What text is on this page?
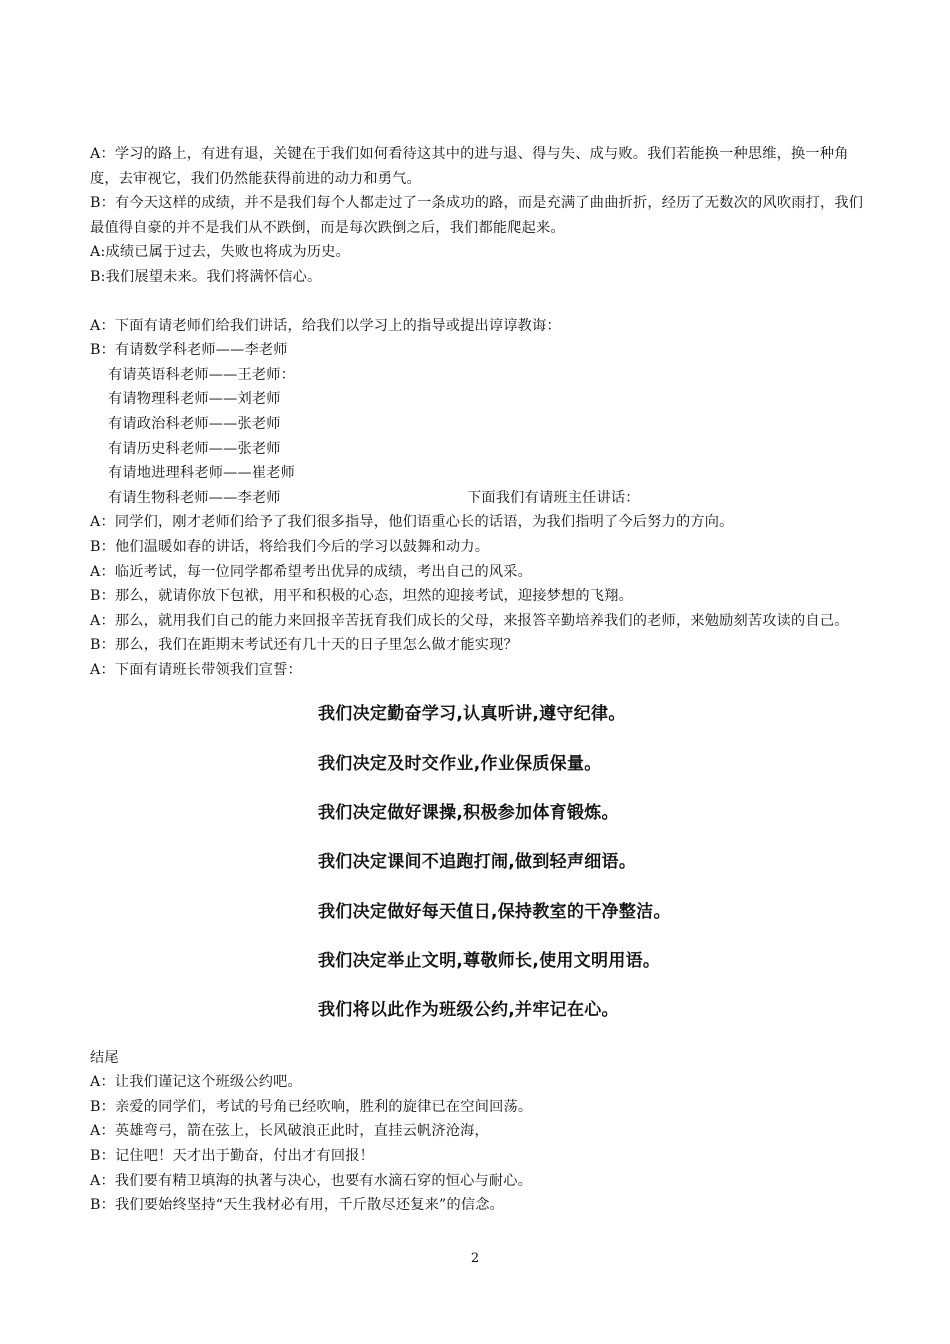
A：学习的路上，有进有退，关键在于我们如何看待这其中的进与退、得与失、成与败。我们若能换一种思维，换一种角度，去审视它，我们仍然能获得前进的动力和勇气。
B：有今天这样的成绩，并不是我们每个人都走过了一条成功的路，而是充满了曲曲折折，经历了无数次的风吹雨打，我们最值得自豪的并不是我们从不跌倒，而是每次跌倒之后，我们都能爬起来。
A:成绩已属于过去，失败也将成为历史。
B:我们展望未来。我们将满怀信心。
A：下面有请老师们给我们讲话，给我们以学习上的指导或提出谆谆教诲：
B：有请数学科老师——李老师
有请英语科老师——王老师：
有请物理科老师——刘老师
有请政治科老师——张老师
有请历史科老师——张老师
有请地进理科老师——崔老师
有请生物科老师——李老师	下面我们有请班主任讲话：
A：同学们，刚才老师们给予了我们很多指导，他们语重心长的话语，为我们指明了今后努力的方向。
B：他们温暖如春的讲话，将给我们今后的学习以鼓舞和动力。
A：临近考试，每一位同学都希望考出优异的成绩，考出自己的风采。
B：那么，就请你放下包袱，用平和积极的心态，坦然的迎接考试，迎接梦想的飞翔。
A：那么，就用我们自己的能力来回报辛苦抚育我们成长的父母，来报答辛勤培养我们的老师，来勉励刻苦攻读的自己。
B：那么，我们在距期末考试还有几十天的日子里怎么做才能实现？
A：下面有请班长带领我们宣誓：
我们决定勤奋学习,认真听讲,遵守纪律。
我们决定及时交作业,作业保质保量。
我们决定做好课操,积极参加体育锻炼。
我们决定课间不追跑打闹,做到轻声细语。
我们决定做好每天值日,保持教室的干净整洁。
我们决定举止文明,尊敬师长,使用文明用语。
我们将以此作为班级公约,并牢记在心。
结尾
A：让我们谨记这个班级公约吧。
B：亲爱的同学们，考试的号角已经吹响，胜利的旋律已在空间回荡。
A：英雄弯弓，箭在弦上，长风破浪正此时，直挂云帆济沧海，
B：记住吧！天才出于勤奋，付出才有回报！
A：我们要有精卫填海的执著与决心，也要有水滴石穿的恒心与耐心。
B：我们要始终坚持“天生我材必有用，千斤散尽还复来”的信念。
2
